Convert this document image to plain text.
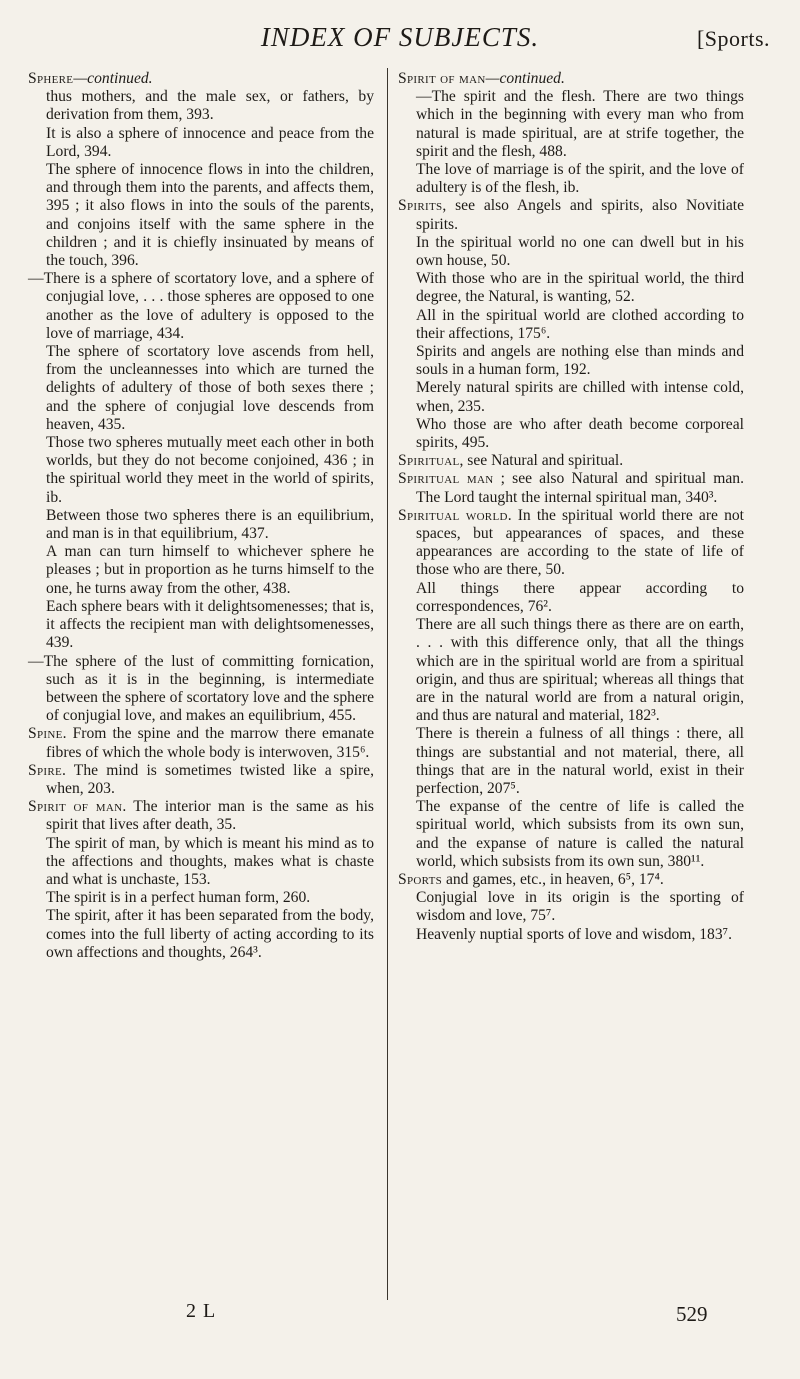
INDEX OF SUBJECTS.	[Sports.

Sphere—continued.

thus mothers, and the male sex, or fathers, by derivation from them, 393.

It is also a sphere of innocence and peace from the Lord, 394.

The sphere of innocence flows in into the children, and through them into the parents, and affects them, 395 ; it also flows in into the souls of the parents, and conjoins itself with the same sphere in the children ; and it is chiefly insinuated by means of the touch, 396.

—There is a sphere of scortatory love, and a sphere of conjugial love, . . . those spheres are opposed to one another as the love of adultery is opposed to the love of marriage, 434.

The sphere of scortatory love ascends from hell, from the uncleannesses into which are turned the delights of adultery of those of both sexes there ; and the sphere of conjugial love descends from heaven, 435.

Those two spheres mutually meet each other in both worlds, but they do not become conjoined, 436 ; in the spiritual world they meet in the world of spirits, ib.

Between those two spheres there is an equilibrium, and man is in that equilibrium, 437.

A man can turn himself to whichever sphere he pleases ; but in proportion as he turns himself to the one, he turns away from the other, 438.

Each sphere bears with it delightsomenesses; that is, it affects the recipient man with delightsomenesses, 439.

—The sphere of the lust of committing fornication, such as it is in the beginning, is intermediate between the sphere of scortatory love and the sphere of conjugial love, and makes an equilibrium, 455.

Spine. From the spine and the marrow there emanate fibres of which the whole body is interwoven, 315⁶.

Spire. The mind is sometimes twisted like a spire, when, 203.

Spirit of man. The interior man is the same as his spirit that lives after death, 35.

The spirit of man, by which is meant his mind as to the affections and thoughts, makes what is chaste and what is unchaste, 153.

The spirit is in a perfect human form, 260.

The spirit, after it has been separated from the body, comes into the full liberty of acting according to its own affections and thoughts, 264³.

Spirit of man—continued.

—The spirit and the flesh. There are two things which in the beginning with every man who from natural is made spiritual, are at strife together, the spirit and the flesh, 488.

The love of marriage is of the spirit, and the love of adultery is of the flesh, ib.

Spirits, see also Angels and spirits, also Novitiate spirits.

In the spiritual world no one can dwell but in his own house, 50.

With those who are in the spiritual world, the third degree, the Natural, is wanting, 52.

All in the spiritual world are clothed according to their affections, 175⁶.

Spirits and angels are nothing else than minds and souls in a human form, 192.

Merely natural spirits are chilled with intense cold, when, 235.

Who those are who after death become corporeal spirits, 495.

Spiritual, see Natural and spiritual.

Spiritual man ; see also Natural and spiritual man. The Lord taught the internal spiritual man, 340³.

Spiritual world. In the spiritual world there are not spaces, but appearances of spaces, and these appearances are according to the state of life of those who are there, 50.

All things there appear according to correspondences, 76².

There are all such things there as there are on earth, . . . with this difference only, that all the things which are in the spiritual world are from a spiritual origin, and thus are spiritual; whereas all things that are in the natural world are from a natural origin, and thus are natural and material, 182³.

There is therein a fulness of all things : there, all things are substantial and not material, there, all things that are in the natural world, exist in their perfection, 207⁵.

The expanse of the centre of life is called the spiritual world, which subsists from its own sun, and the expanse of nature is called the natural world, which subsists from its own sun, 380¹¹.

Sports and games, etc., in heaven, 6⁵, 17⁴.

Conjugial love in its origin is the sporting of wisdom and love, 75⁷.

Heavenly nuptial sports of love and wisdom, 183⁷.

2 L	529
